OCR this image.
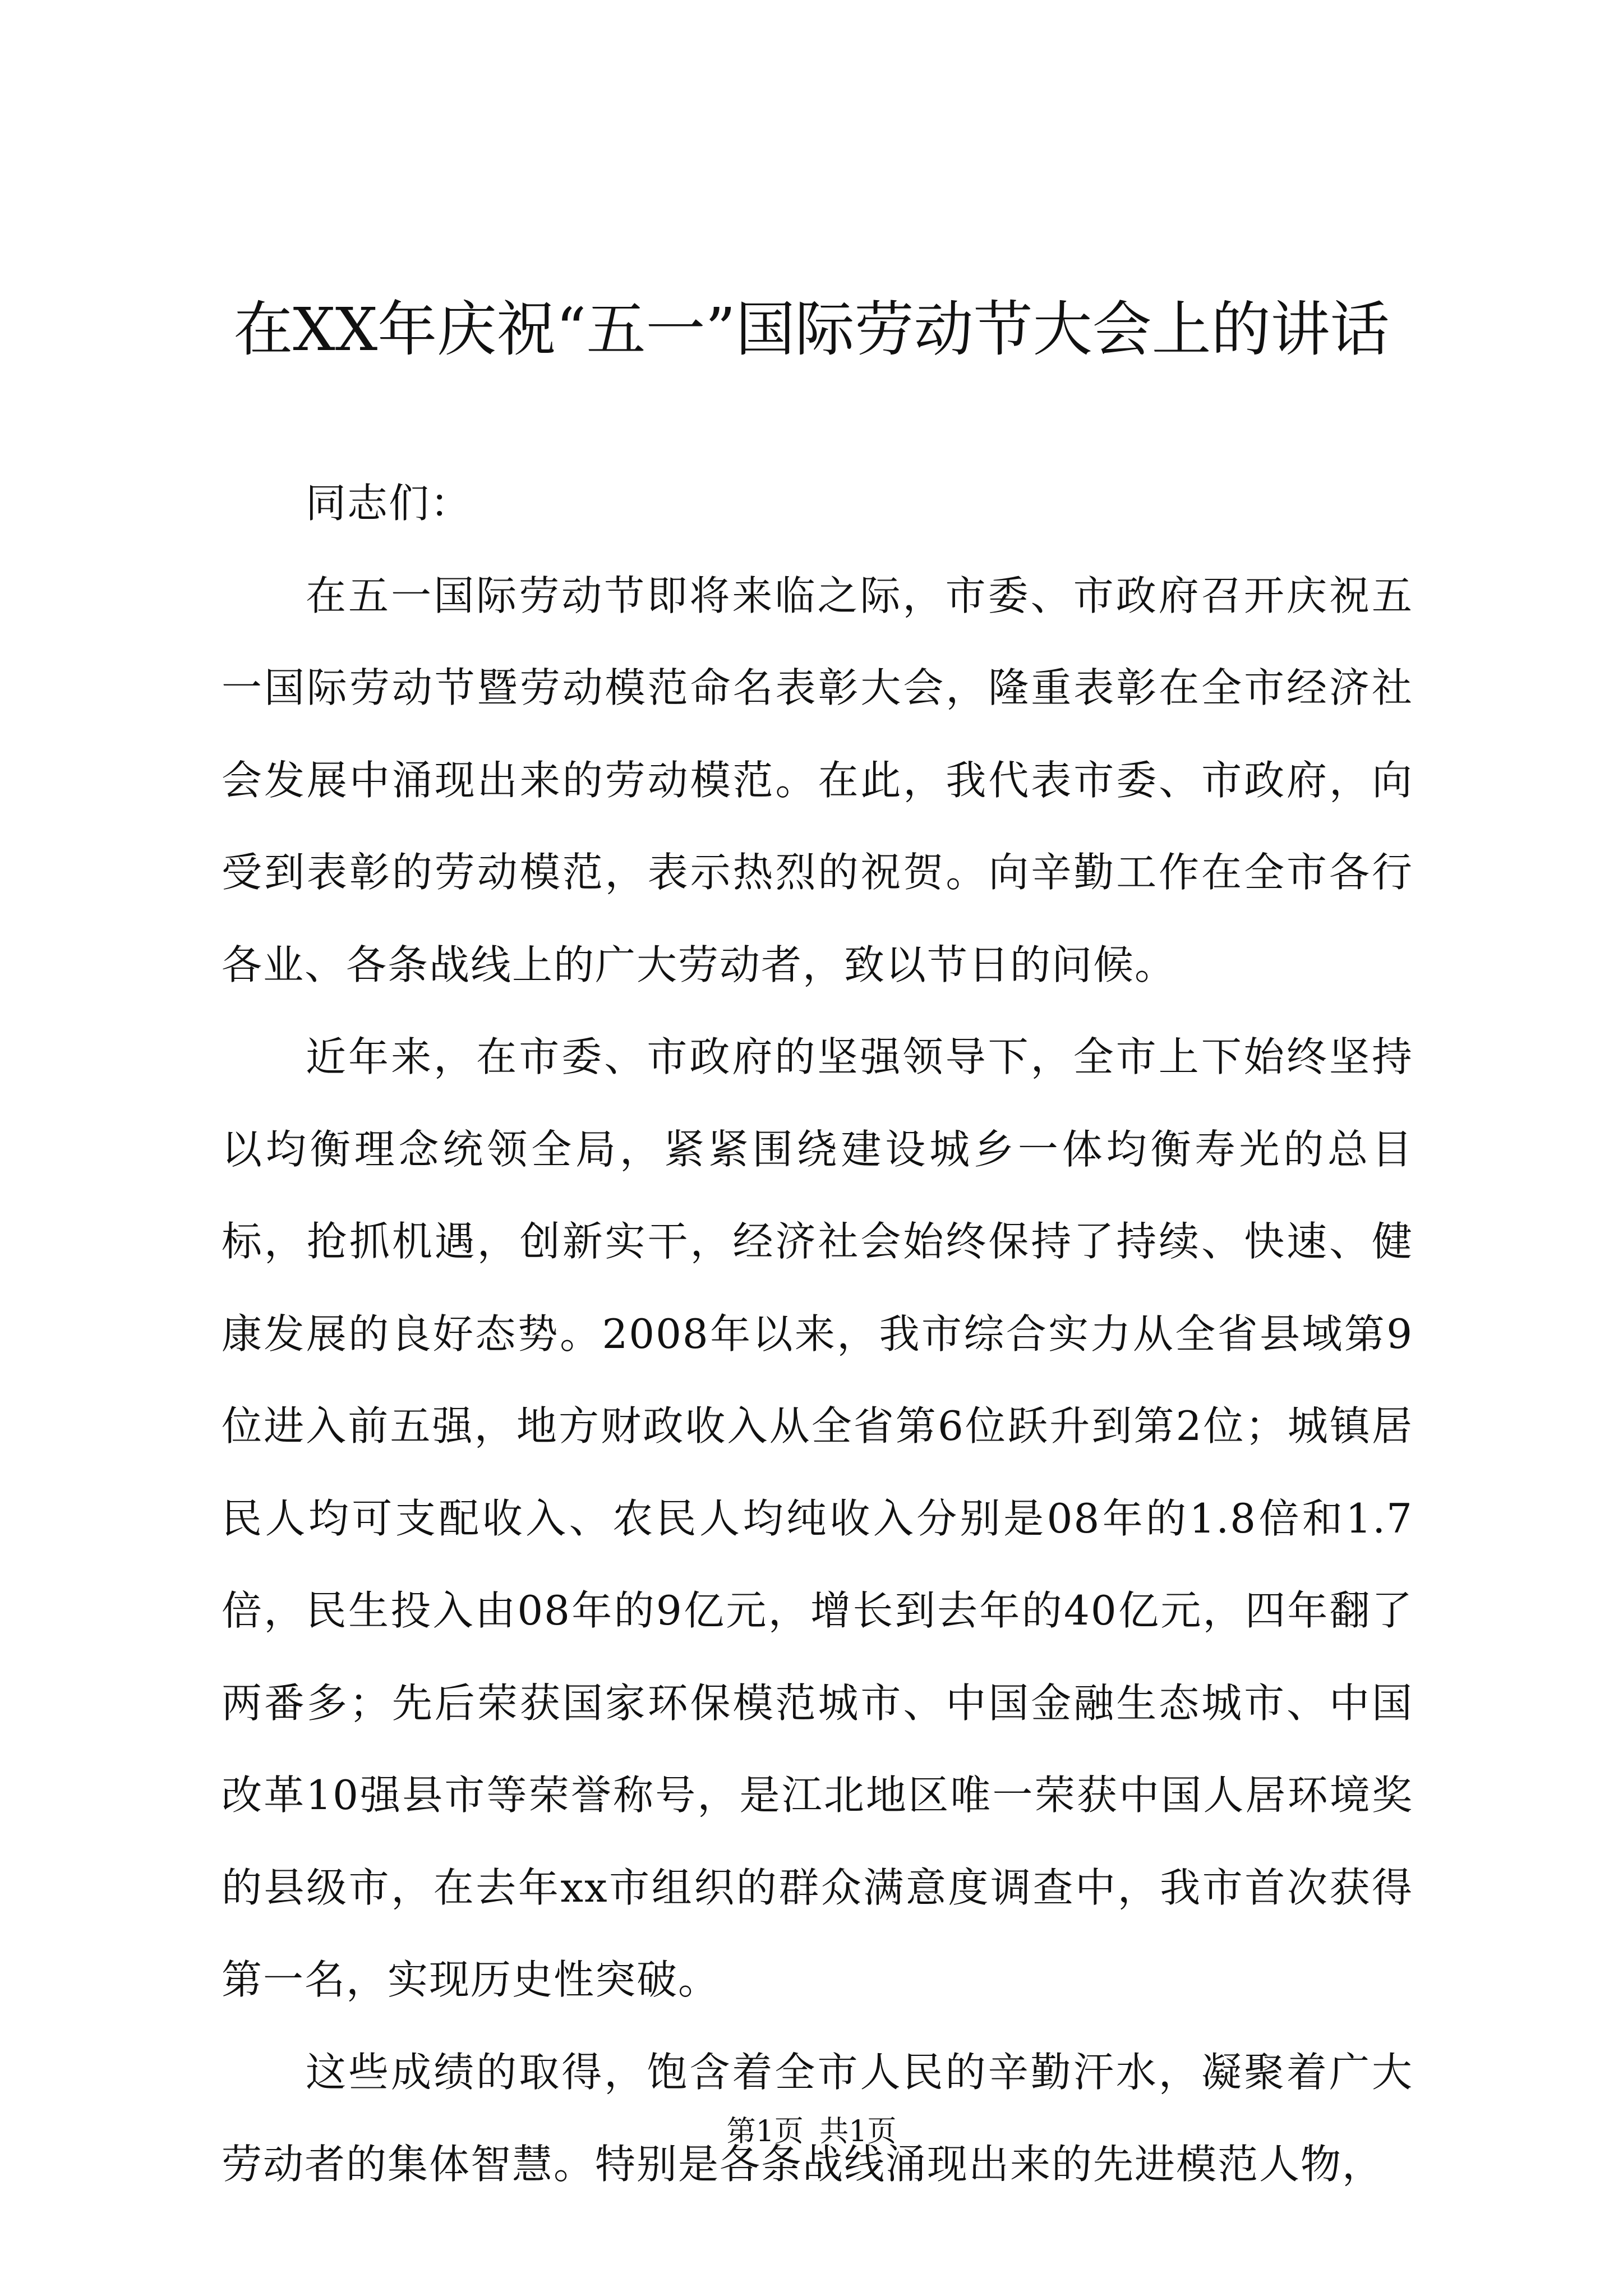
在XX年庆祝“五一”国际劳动节大会上的讲话

同志们：

在五一国际劳动节即将来临之际，市委、市政府召开庆祝五一国际劳动节暨劳动模范命名表彰大会，隆重表彰在全市经济社会发展中涌现出来的劳动模范。在此，我代表市委、市政府，向受到表彰的劳动模范，表示热烈的祝贺。向辛勤工作在全市各行各业、各条战线上的广大劳动者，致以节日的问候。

近年来，在市委、市政府的坚强领导下，全市上下始终坚持以均衡理念统领全局，紧紧围绕建设城乡一体均衡寿光的总目标，抢抓机遇，创新实干，经济社会始终保持了持续、快速、健康发展的良好态势。2008年以来，我市综合实力从全省县域第9位进入前五强，地方财政收入从全省第6位跃升到第2位；城镇居民人均可支配收入、农民人均纯收入分别是08年的1.8倍和1.7倍，民生投入由08年的9亿元，增长到去年的40亿元，四年翻了两番多；先后荣获国家环保模范城市、中国金融生态城市、中国改革10强县市等荣誉称号，是江北地区唯一荣获中国人居环境奖的县级市，在去年xx市组织的群众满意度调查中，我市首次获得第一名，实现历史性突破。

这些成绩的取得，饱含着全市人民的辛勤汗水，凝聚着广大劳动者的集体智慧。特别是各条战线涌现出来的先进模范人物，

第1页 共1页
